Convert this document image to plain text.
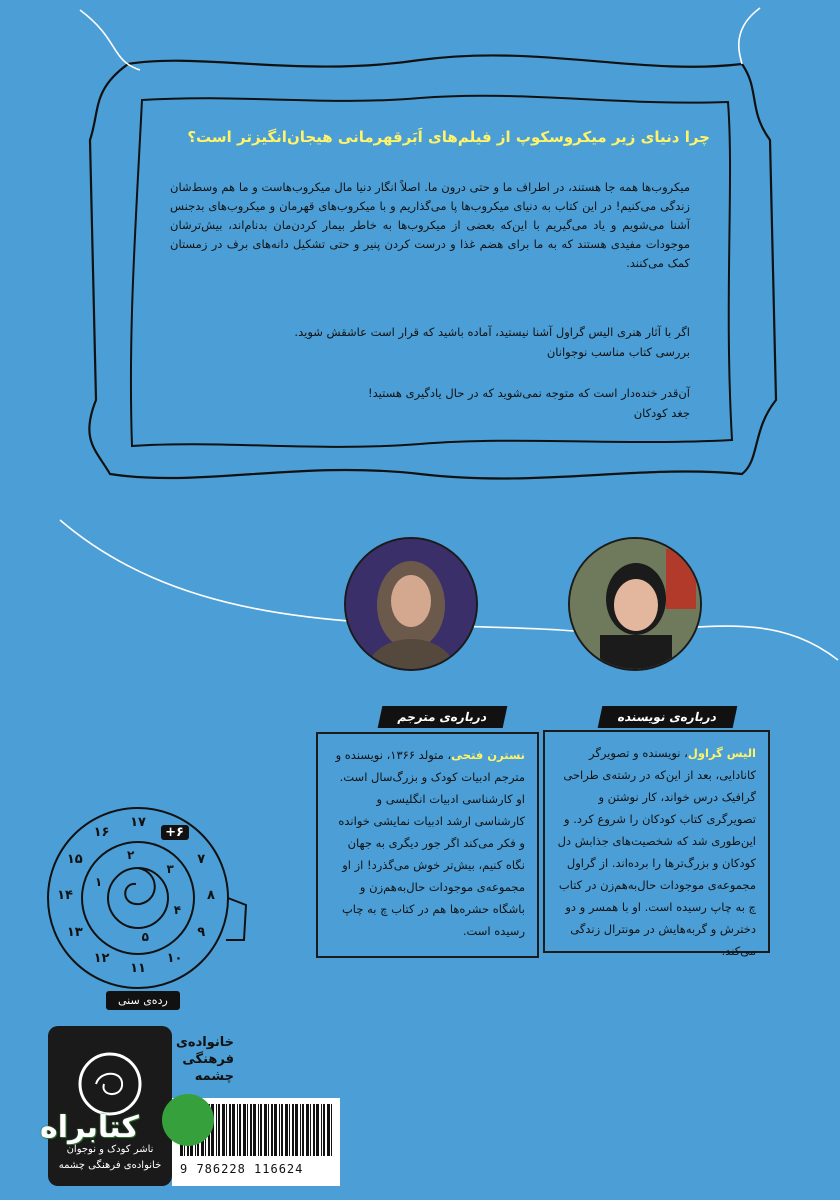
چرا دنیای زیر میکروسکوپ از فیلم‌های اَبَرقهرمانی هیجان‌انگیزتر است؟
میکروب‌ها همه جا هستند، در اطراف ما و حتی درون ما. اصلاً انگار دنیا مال میکروب‌هاست و ما هم وسط‌شان زندگی می‌کنیم! در این کتاب به دنیای میکروب‌ها پا می‌گذاریم و با میکروب‌های قهرمان و میکروب‌های بدجنس آشنا می‌شویم و یاد می‌گیریم با این‌که بعضی از میکروب‌ها به خاطر بیمار کردن‌مان بدنام‌اند، بیش‌ترشان موجودات مفیدی هستند که به ما برای هضم غذا و درست کردن پنیر و حتی تشکیل دانه‌های برف در زمستان کمک می‌کنند.
اگر با آثار هنری الیس گراول آشنا نیستید، آماده باشید که قرار است عاشقش شوید.
بررسی کتاب مناسب نوجوانان
آن‌قدر خنده‌دار است که متوجه نمی‌شوید که در حال یادگیری هستید!
جغد کودکان
درباره‌ی نویسنده
درباره‌ی مترجم
الیس گراول، نویسنده و تصویرگر کانادایی، بعد از این‌که در رشته‌ی طراحی گرافیک درس خواند، کار نوشتن و تصویرگری کتاب کودکان را شروع کرد. و این‌طوری شد که شخصیت‌های جذابش دل کودکان و بزرگ‌ترها را برده‌اند. از گراول مجموعه‌ی موجودات حال‌به‌هم‌زن در کتاب چ به چاپ رسیده است. او با همسر و دو دخترش و گربه‌هایش در مونترال زندگی می‌کند.
نسترن فتحی، متولد ۱۳۶۶، نویسنده و مترجم ادبیات کودک و بزرگ‌سال است. او کارشناسی ادبیات انگلیسی و کارشناسی ارشد ادبیات نمایشی خوانده و فکر می‌کند اگر جور دیگری به جهان نگاه کنیم، بیش‌تر خوش می‌گذرد! از او مجموعه‌ی موجودات حال‌به‌هم‌زن و باشگاه حشره‌ها هم در کتاب چ به چاپ رسیده است.
+۶
۷
۸
۹
۱۰
۱۱
۱۲
۱۳
۱۴
۱۵
۱۶
۱۷
۱
۲
۳
۴
۵
رده‌ی سنی
ناشر کودک و نوجوان
خانواده‌ی فرهنگی چشمه
خانواده‌ی
فرهنگی
چشمه
9 786228 116624
کتابراه
